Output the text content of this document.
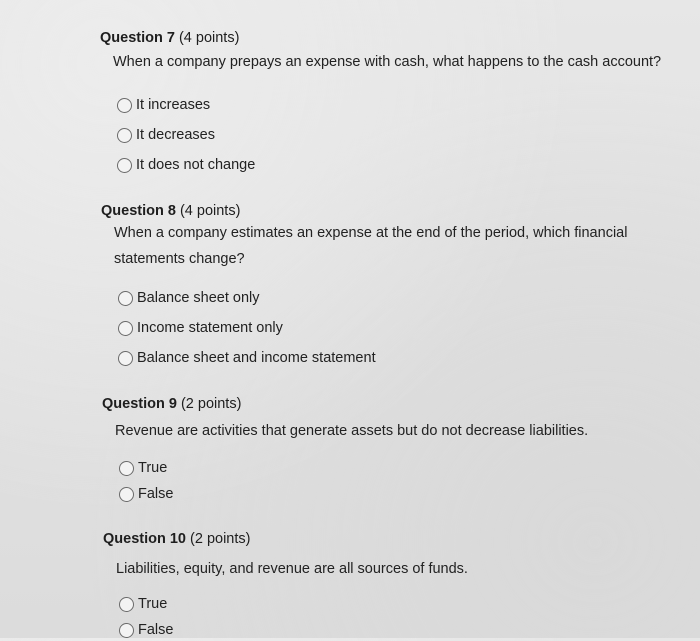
Question 7 (4 points)
When a company prepays an expense with cash, what happens to the cash account?
It increases
It decreases
It does not change
Question 8 (4 points)
When a company estimates an expense at the end of the period, which financial statements change?
Balance sheet only
Income statement only
Balance sheet and income statement
Question 9 (2 points)
Revenue are activities that generate assets but do not decrease liabilities.
True
False
Question 10 (2 points)
Liabilities, equity, and revenue are all sources of funds.
True
False
